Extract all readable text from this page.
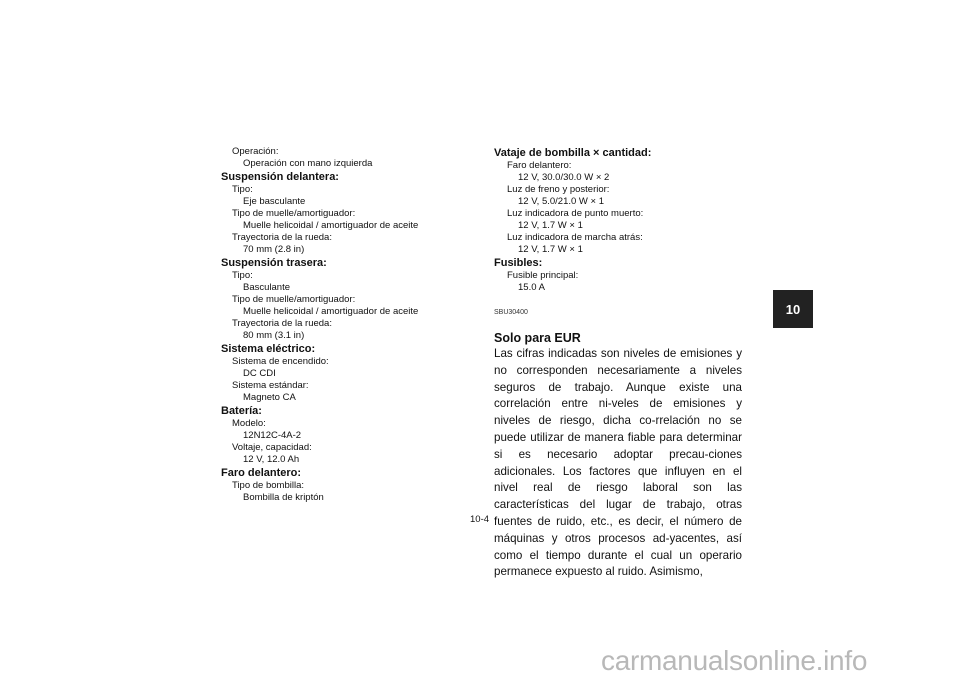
Operación:
Operación con mano izquierda
Suspensión delantera:
Tipo:
Eje basculante
Tipo de muelle/amortiguador:
Muelle helicoidal / amortiguador de aceite
Trayectoria de la rueda:
70 mm (2.8 in)
Suspensión trasera:
Tipo:
Basculante
Tipo de muelle/amortiguador:
Muelle helicoidal / amortiguador de aceite
Trayectoria de la rueda:
80 mm (3.1 in)
Sistema eléctrico:
Sistema de encendido:
DC CDI
Sistema estándar:
Magneto CA
Batería:
Modelo:
12N12C-4A-2
Voltaje, capacidad:
12 V, 12.0 Ah
Faro delantero:
Tipo de bombilla:
Bombilla de kriptón
Vataje de bombilla × cantidad:
Faro delantero:
12 V, 30.0/30.0 W × 2
Luz de freno y posterior:
12 V, 5.0/21.0 W × 1
Luz indicadora de punto muerto:
12 V, 1.7 W × 1
Luz indicadora de marcha atrás:
12 V, 1.7 W × 1
Fusibles:
Fusible principal:
15.0 A
SBU30400
Solo para EUR

Las cifras indicadas son niveles de emisiones y no corresponden necesariamente a niveles seguros de trabajo. Aunque existe una correlación entre ni-veles de emisiones y niveles de riesgo, dicha co-rrelación no se puede utilizar de manera fiable para determinar si es necesario adoptar precau-ciones adicionales. Los factores que influyen en el nivel real de riesgo laboral son las características del lugar de trabajo, otras fuentes de ruido, etc., es decir, el número de máquinas y otros procesos ad-yacentes, así como el tiempo durante el cual un operario permanece expuesto al ruido. Asimismo,

10
10-4
carmanualsonline.info
